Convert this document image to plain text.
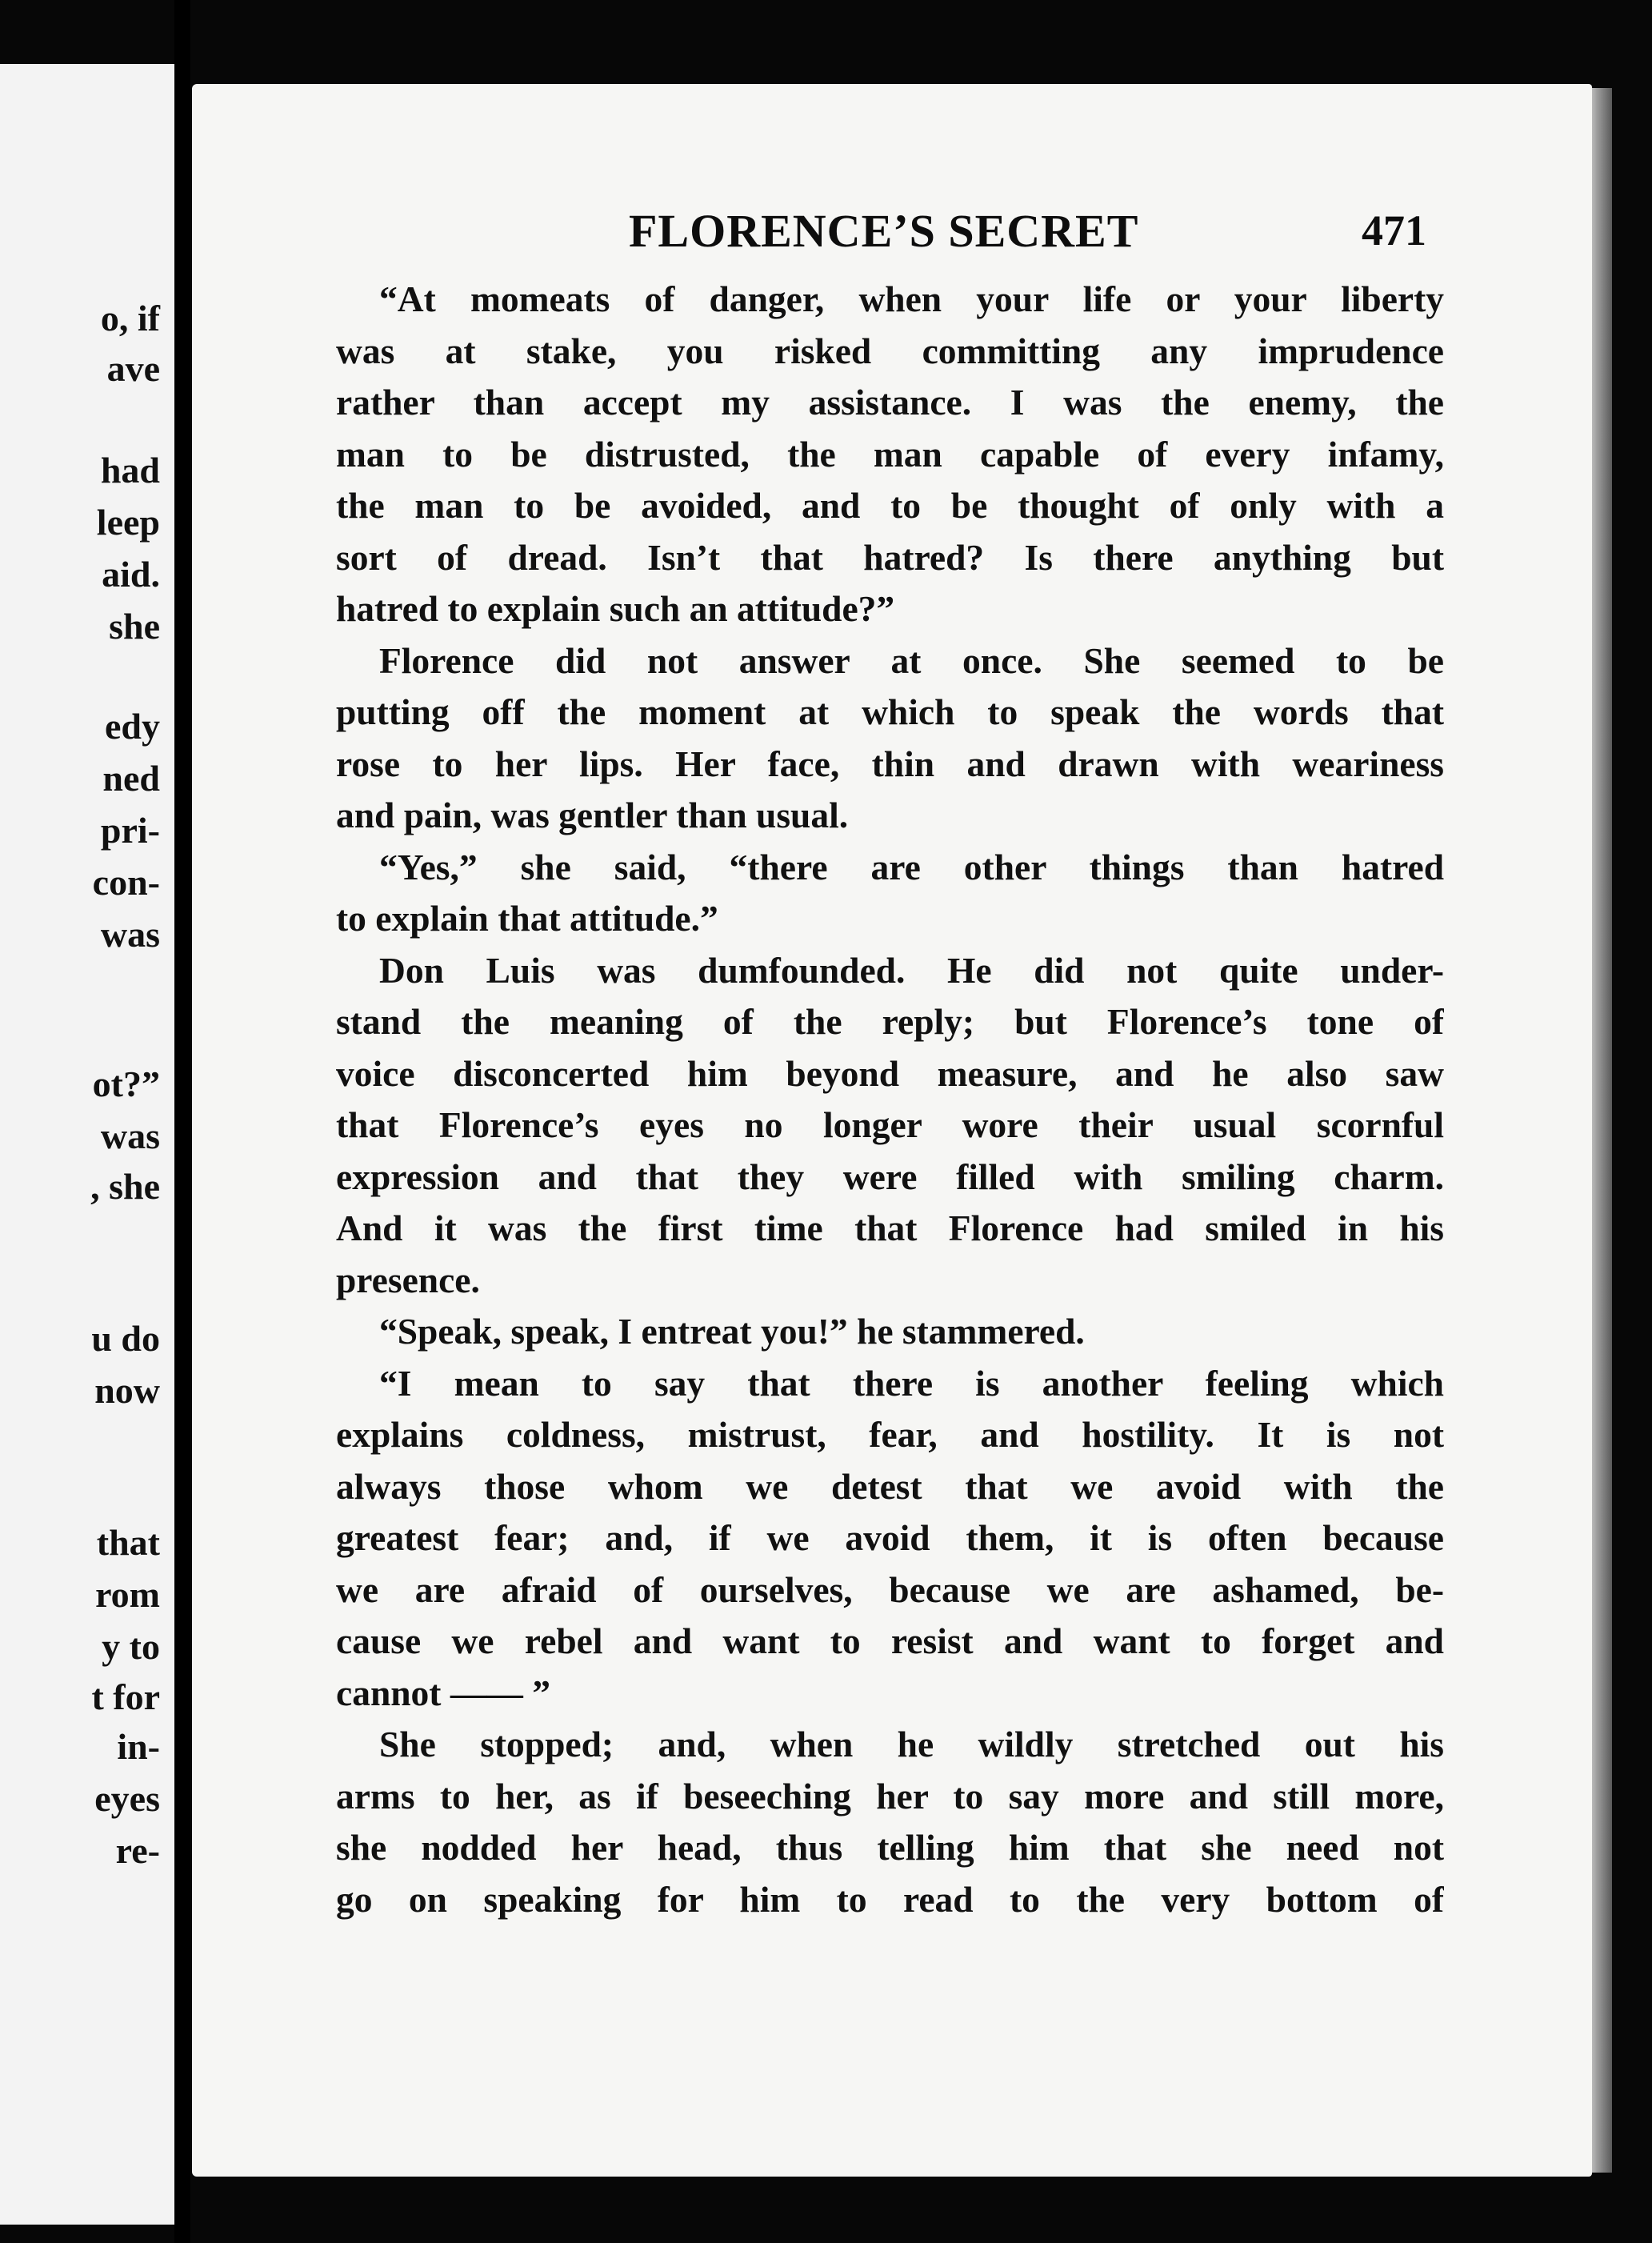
o, if
ave
had
leep
aid.
she
edy
ned
pri-
con-
was
ot?”
was
, she
u do
now
that
rom
y to
t for
in-
eyes
re-
FLORENCE’S SECRET	471
“At momeats of danger, when your life or your liberty
was at stake, you risked committing any imprudence
rather than accept my assistance. I was the enemy, the
man to be distrusted, the man capable of every infamy,
the man to be avoided, and to be thought of only with a
sort of dread. Isn’t that hatred? Is there anything but
hatred to explain such an attitude?”
Florence did not answer at once. She seemed to be
putting off the moment at which to speak the words that
rose to her lips. Her face, thin and drawn with weariness
and pain, was gentler than usual.
“Yes,” she said, “there are other things than hatred
to explain that attitude.”
Don Luis was dumfounded. He did not quite under-
stand the meaning of the reply; but Florence’s tone of
voice disconcerted him beyond measure, and he also saw
that Florence’s eyes no longer wore their usual scornful
expression and that they were filled with smiling charm.
And it was the first time that Florence had smiled in his
presence.
“Speak, speak, I entreat you!” he stammered.
“I mean to say that there is another feeling which
explains coldness, mistrust, fear, and hostility. It is not
always those whom we detest that we avoid with the
greatest fear; and, if we avoid them, it is often because
we are afraid of ourselves, because we are ashamed, be-
cause we rebel and want to resist and want to forget and
cannot —— ”
She stopped; and, when he wildly stretched out his
arms to her, as if beseeching her to say more and still more,
she nodded her head, thus telling him that she need not
go on speaking for him to read to the very bottom of
